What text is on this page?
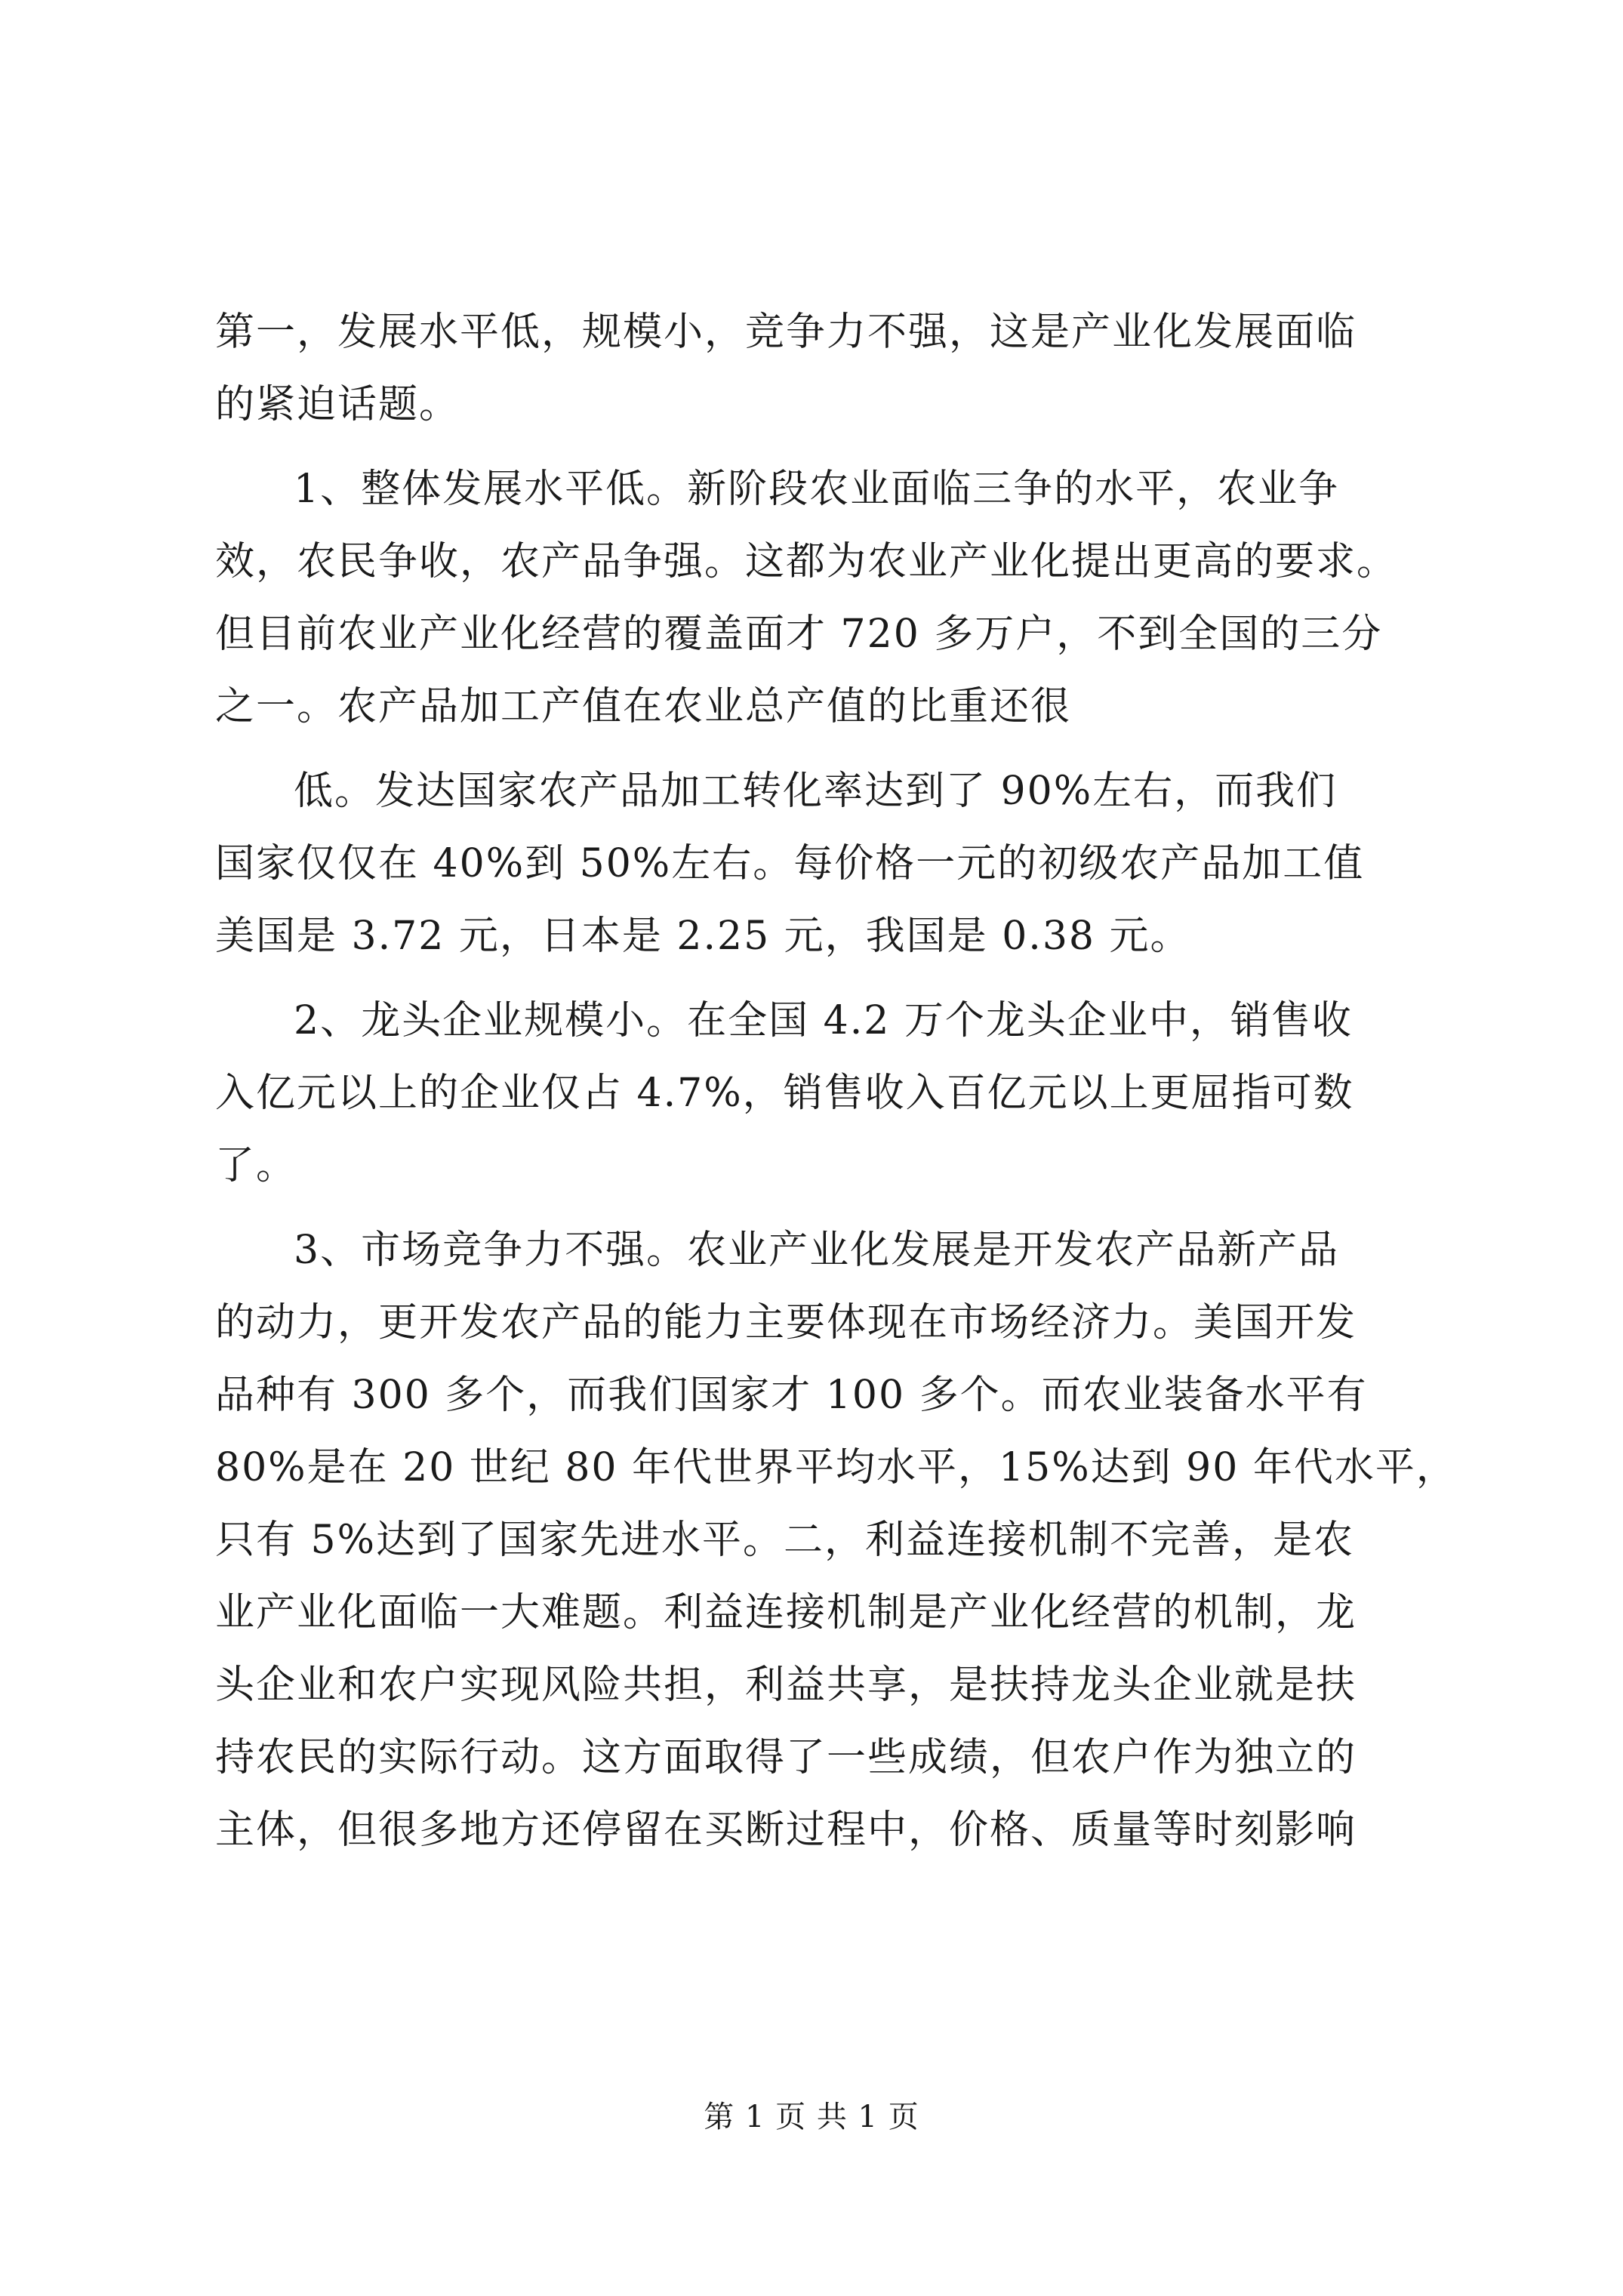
第一，发展水平低，规模小，竞争力不强，这是产业化发展面临
的紧迫话题。
1、整体发展水平低。新阶段农业面临三争的水平，农业争
效，农民争收，农产品争强。这都为农业产业化提出更高的要求。
但目前农业产业化经营的覆盖面才 720 多万户，不到全国的三分
之一。农产品加工产值在农业总产值的比重还很
低。发达国家农产品加工转化率达到了 90%左右，而我们
国家仅仅在 40%到 50%左右。每价格一元的初级农产品加工值
美国是 3.72 元，日本是 2.25 元，我国是 0.38 元。
2、龙头企业规模小。在全国 4.2 万个龙头企业中，销售收
入亿元以上的企业仅占 4.7%，销售收入百亿元以上更屈指可数
了。
3、市场竞争力不强。农业产业化发展是开发农产品新产品
的动力，更开发农产品的能力主要体现在市场经济力。美国开发
品种有 300 多个，而我们国家才 100 多个。而农业装备水平有
80%是在 20 世纪 80 年代世界平均水平，15%达到 90 年代水平，
只有 5%达到了国家先进水平。二，利益连接机制不完善，是农
业产业化面临一大难题。利益连接机制是产业化经营的机制，龙
头企业和农户实现风险共担，利益共享，是扶持龙头企业就是扶
持农民的实际行动。这方面取得了一些成绩，但农户作为独立的
主体，但很多地方还停留在买断过程中，价格、质量等时刻影响
第 1 页 共 1 页
